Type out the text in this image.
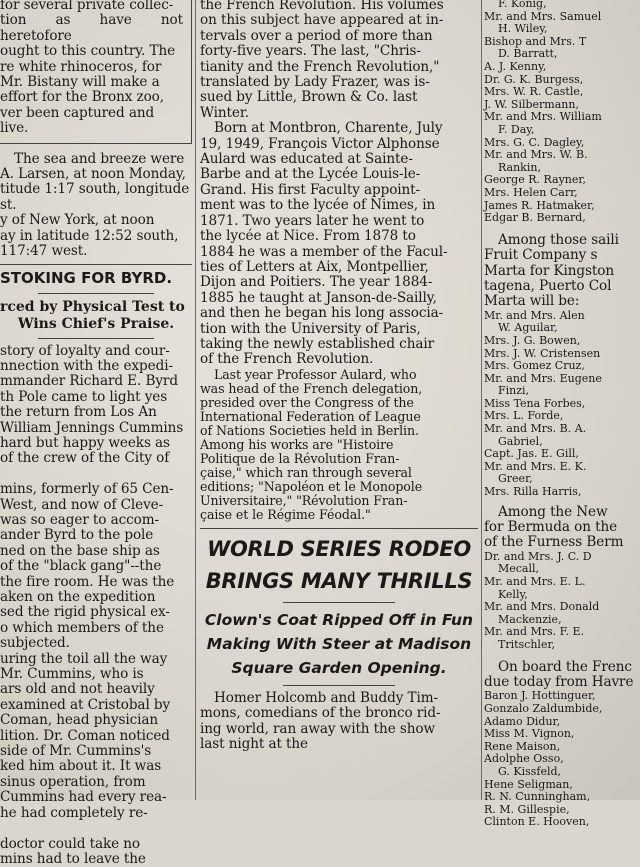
for several private collec-

tion as have not heretofore

ought to this country. The

re white rhinoceros, for

Mr. Bistany will make a

effort for the Bronx zoo,

ver been captured and

live.

The sea and breeze were

A. Larsen, at noon Monday,

titude 1:17 south, longitude

st.

y of New York, at noon

ay in latitude 12:52 south,

117:47 west.

STOKING FOR BYRD.

rced by Physical Test to

Wins Chief's Praise.

story of loyalty and cour-

nnection with the expedi-

mmander Richard E. Byrd

th Pole came to light yes

the return from Los An

William Jennings Cummins

hard but happy weeks as

of the crew of the City of

mins, formerly of 65 Cen-

West, and now of Cleve-

was so eager to accom-

ander Byrd to the pole

ned on the base ship as

of the "black gang"--the

the fire room. He was the

aken on the expedition

sed the rigid physical ex-

o which members of the

subjected.

uring the toil all the way

Mr. Cummins, who is

ars old and not heavily

examined at Cristobal by

Coman, head physician

lition. Dr. Coman noticed

side of Mr. Cummins's

ked him about it. It was

sinus operation, from

Cummins had every rea-

he had completely re-

doctor could take no

mins had to leave the

the French Revolution. His volumes

on this subject have appeared at in-

tervals over a period of more than

forty-five years. The last, "Chris-

tianity and the French Revolution,"

translated by Lady Frazer, was is-

sued by Little, Brown & Co. last

Winter.

Born at Montbron, Charente, July

19, 1949, François Victor Alphonse

Aulard was educated at Sainte-

Barbe and at the Lycée Louis-le-

Grand. His first Faculty appoint-

ment was to the lycée of Nimes, in

1871. Two years later he went to

the lycée at Nice. From 1878 to

1884 he was a member of the Facul-

ties of Letters at Aix, Montpellier,

Dijon and Poitiers. The year 1884-

1885 he taught at Janson-de-Sailly,

and then he began his long associa-

tion with the University of Paris,

taking the newly established chair

of the French Revolution.

Last year Professor Aulard, who

was head of the French delegation,

presided over the Congress of the

International Federation of League

of Nations Societies held in Berlin.

Among his works are "Histoire

Politique de la Révolution Fran-

çaise," which ran through several

editions; "Napoléon et le Monopole

Universitaire," "Révolution Fran-

çaise et le Régime Féodal."

WORLD SERIES RODEO

BRINGS MANY THRILLS

Clown's Coat Ripped Off in Fun

Making With Steer at Madison

Square Garden Opening.

Homer Holcomb and Buddy Tim-

mons, comedians of the bronco rid-

ing world, ran away with the show

last night at the

F. Konig,

Mr. and Mrs. Samuel

H. Wiley,

Bishop and Mrs. T

D. Barratt,

A. J. Kenny,

Dr. G. K. Burgess,

Mrs. W. R. Castle,

J. W. Silbermann,

Mr. and Mrs. William

F. Day,

Mrs. G. C. Dagley,

Mr. and Mrs. W. B.

Rankin,

George R. Rayner,

Mrs. Helen Carr,

James R. Hatmaker,

Edgar B. Bernard,

Among those saili

Fruit Company s

Marta for Kingston

tagena, Puerto Col

Marta will be:

Mr. and Mrs. Alen

W. Aguilar,

Mrs. J. G. Bowen,

Mrs. J. W. Cristensen

Mrs. Gomez Cruz,

Mr. and Mrs. Eugene

Finzi,

Miss Tena Forbes,

Mrs. L. Forde,

Mr. and Mrs. B. A.

Gabriel,

Capt. Jas. E. Gill,

Mr. and Mrs. E. K.

Greer,

Mrs. Rilla Harris,

Among the New

for Bermuda on the

of the Furness Berm

Dr. and Mrs. J. C. D

Mecall,

Mr. and Mrs. E. L.

Kelly,

Mr. and Mrs. Donald

Mackenzie,

Mr. and Mrs. F. E.

Tritschler,

On board the Frenc

due today from Havre

Baron J. Hottinguer,

Gonzalo Zaldumbide,

Adamo Didur,

Miss M. Vignon,

Rene Maison,

Adolphe Osso,

G. Kissfeld,

Hene Seligman,

R. N. Cunningham,

R. M. Gillespie,

Clinton E. Hooven,
